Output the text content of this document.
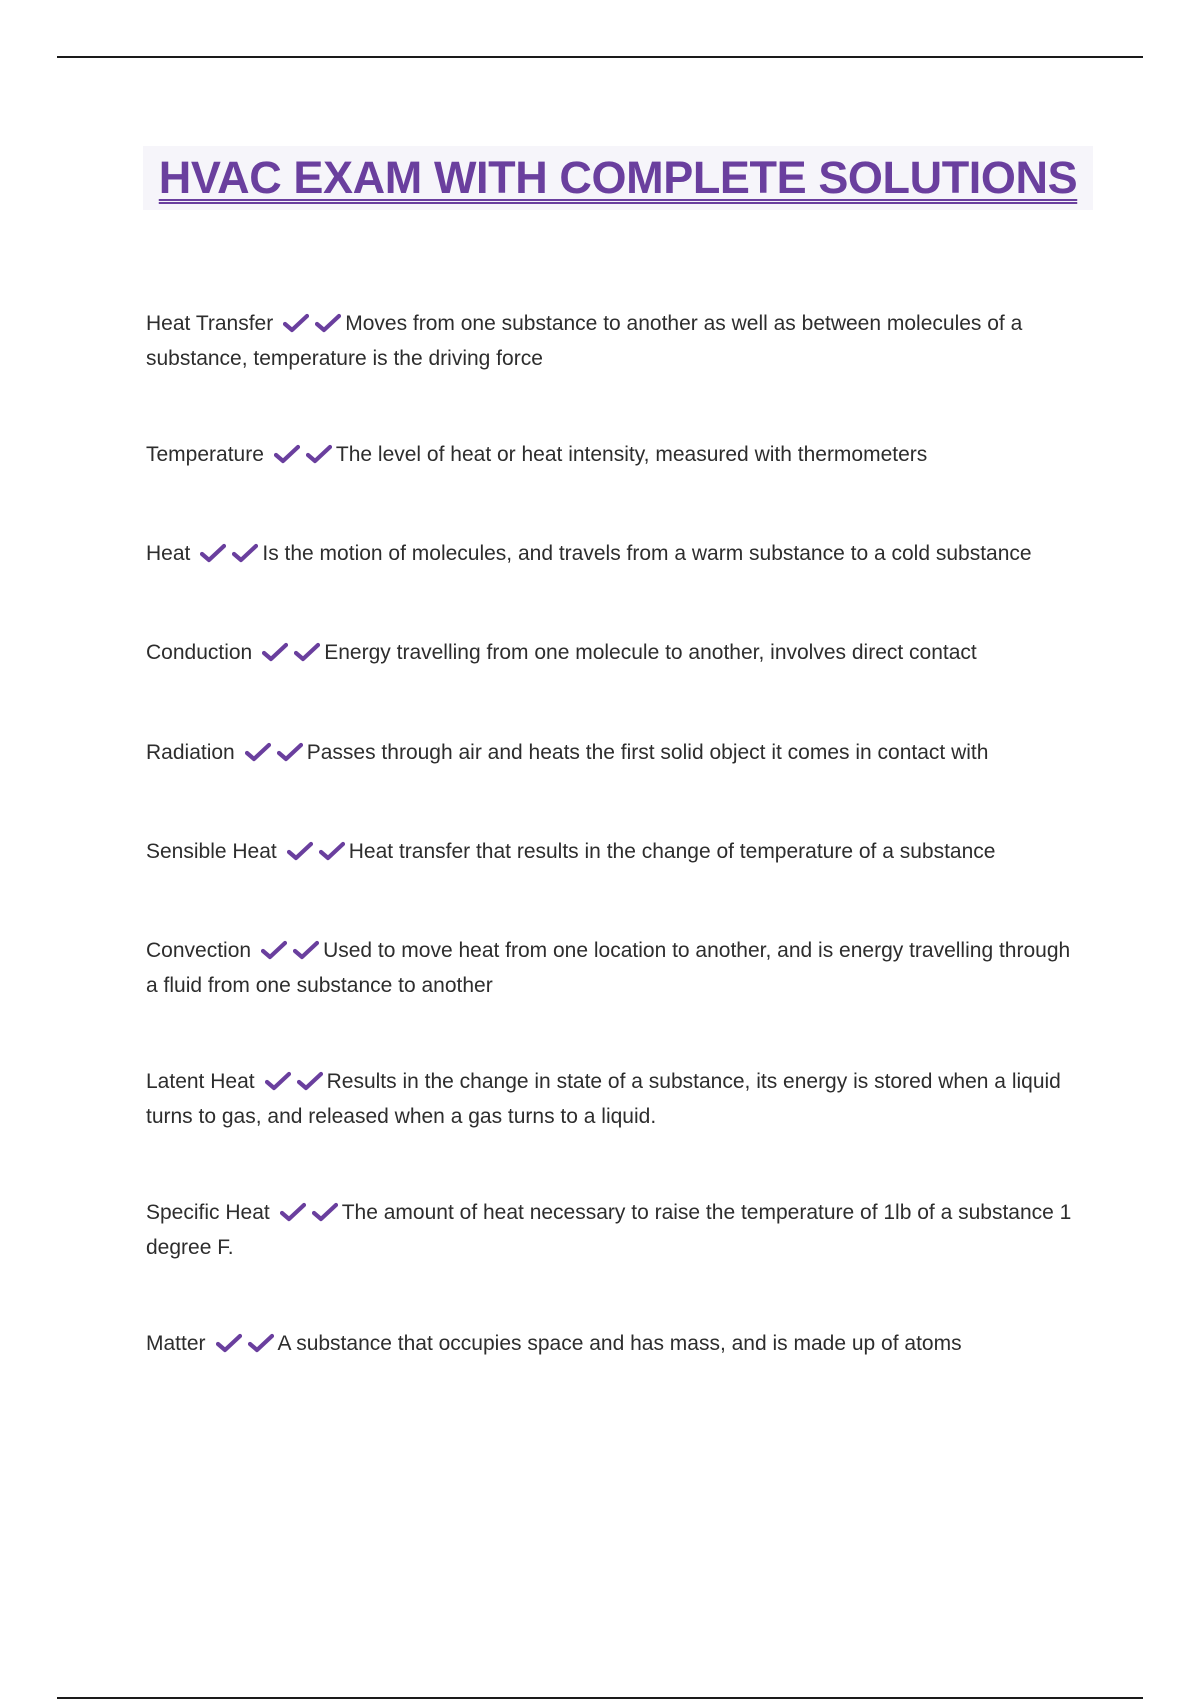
HVAC EXAM WITH COMPLETE SOLUTIONS
Heat Transfer	Moves from one substance to another as well as between molecules of a substance, temperature is the driving force
Temperature	The level of heat or heat intensity, measured with thermometers
Heat	Is the motion of molecules, and travels from a warm substance to a cold substance
Conduction	Energy travelling from one molecule to another, involves direct contact
Radiation	Passes through air and heats the first solid object it comes in contact with
Sensible Heat	Heat transfer that results in the change of temperature of a substance
Convection	Used to move heat from one location to another, and is energy travelling through a fluid from one substance to another
Latent Heat	Results in the change in state of a substance, its energy is stored when a liquid turns to gas, and released when a gas turns to a liquid.
Specific Heat	The amount of heat necessary to raise the temperature of 1lb of a substance 1 degree F.
Matter	A substance that occupies space and has mass, and is made up of atoms
